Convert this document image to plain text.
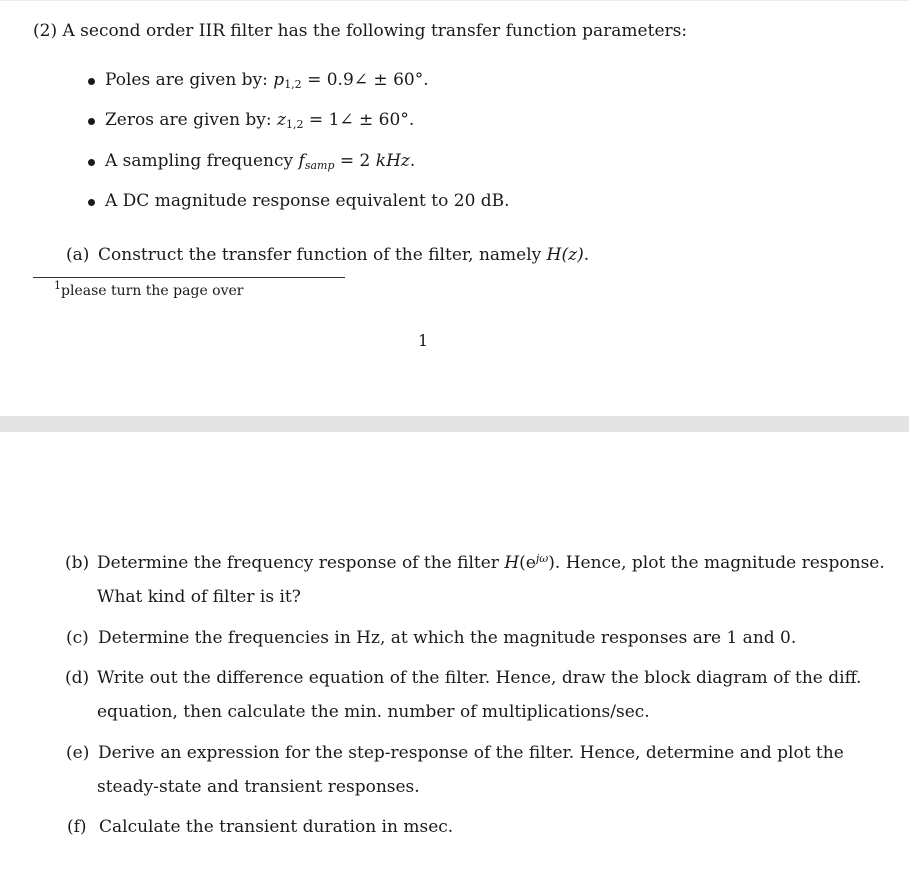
(2) A second order IIR filter has the following transfer function parameters:
Poles are given by: $p_{1,2}$ = 0.9∠ ± 60°.
Zeros are given by: $z_{1,2}$ = 1∠ ± 60°.
A sampling frequency $f_{samp} = 2$ kHz.
A DC magnitude response equivalent to 20 dB.
(a) Construct the transfer function of the filter, namely H(z).
$^1$please turn the page over
1
(b) Determine the frequency response of the filter $H(e^{j\omega})$. Hence, plot the magnitude response.
What kind of filter is it?
(c) Determine the frequencies in Hz, at which the magnitude responses are 1 and 0.
(d) Write out the difference equation of the filter. Hence, draw the block diagram of the diff.
equation, then calculate the min. number of multiplications/sec.
(e) Derive an expression for the step-response of the filter. Hence, determine and plot the
steady-state and transient responses.
(f) Calculate the transient duration in msec.
